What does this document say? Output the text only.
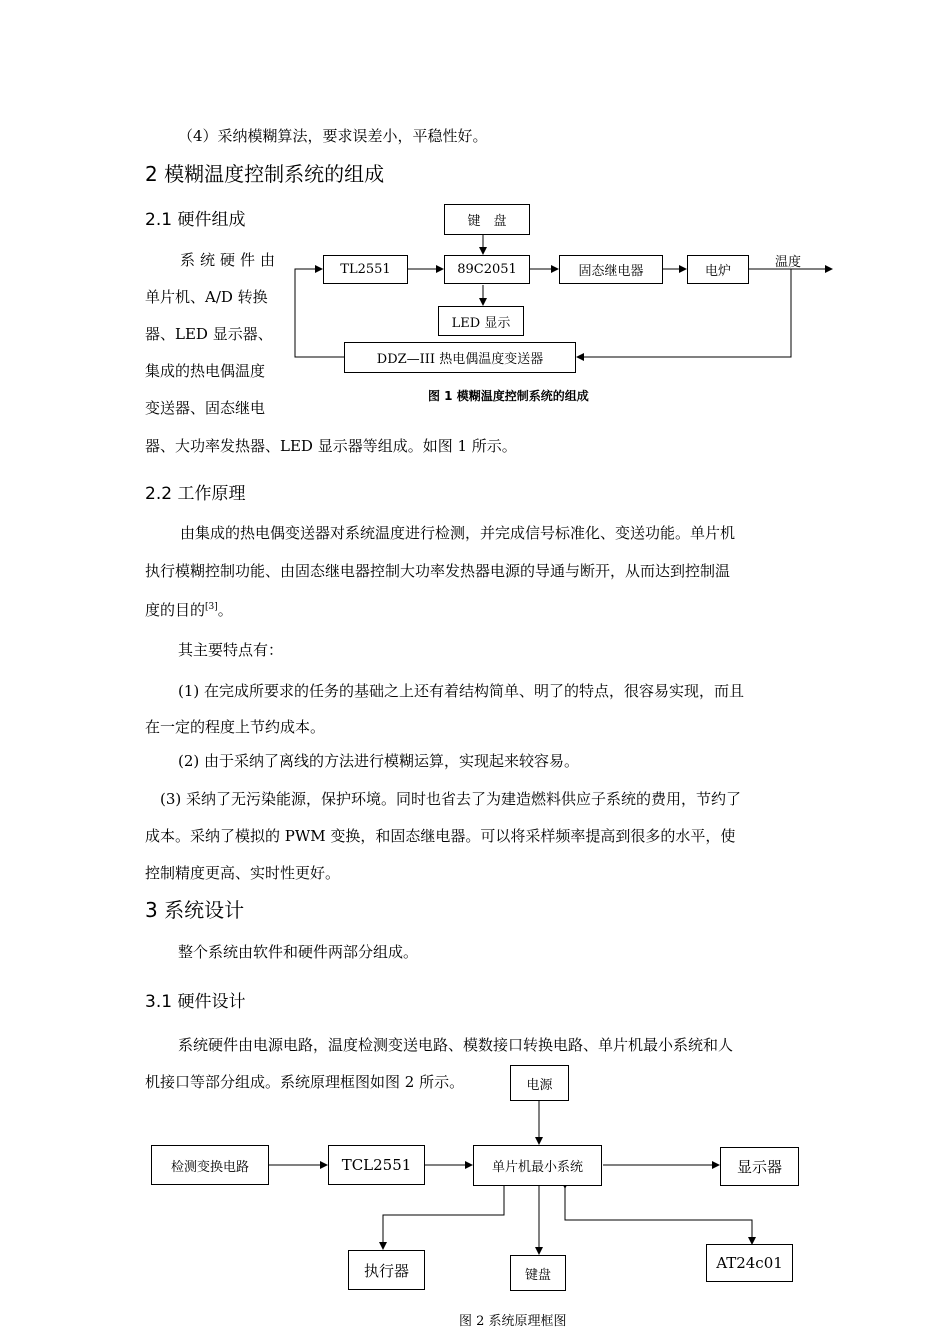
（4）采纳模糊算法，要求误差小，平稳性好。
2 模糊温度控制系统的组成
2.1 硬件组成
系统硬件由
单片机、A/D 转换
器、LED 显示器、
集成的热电偶温度
变送器、固态继电
器、大功率发热器、LED 显示器等组成。如图 1 所示。
键　盘
TL2551	89C2051	固态继电器	电炉
温度
LED 显示
DDZ—III 热电偶温度变送器
图 1 模糊温度控制系统的组成
2.2 工作原理
由集成的热电偶变送器对系统温度进行检测，并完成信号标准化、变送功能。单片机
执行模糊控制功能、由固态继电器控制大功率发热器电源的导通与断开，从而达到控制温
度的目的[3]。
其主要特点有：
(1) 在完成所要求的任务的基础之上还有着结构简单、明了的特点，很容易实现，而且
在一定的程度上节约成本。
(2) 由于采纳了离线的方法进行模糊运算，实现起来较容易。
(3) 采纳了无污染能源，保护环境。同时也省去了为建造燃料供应子系统的费用，节约了
成本。采纳了模拟的 PWM 变换，和固态继电器。可以将采样频率提高到很多的水平，使
控制精度更高、实时性更好。
3 系统设计
整个系统由软件和硬件两部分组成。
3.1 硬件设计
系统硬件由电源电路，温度检测变送电路、模数接口转换电路、单片机最小系统和人
机接口等部分组成。系统原理框图如图 2 所示。	电源
检测变换电路	TCL2551	单片机最小系统	显示器
执行器	键盘
AT24c01
图 2 系统原理框图
